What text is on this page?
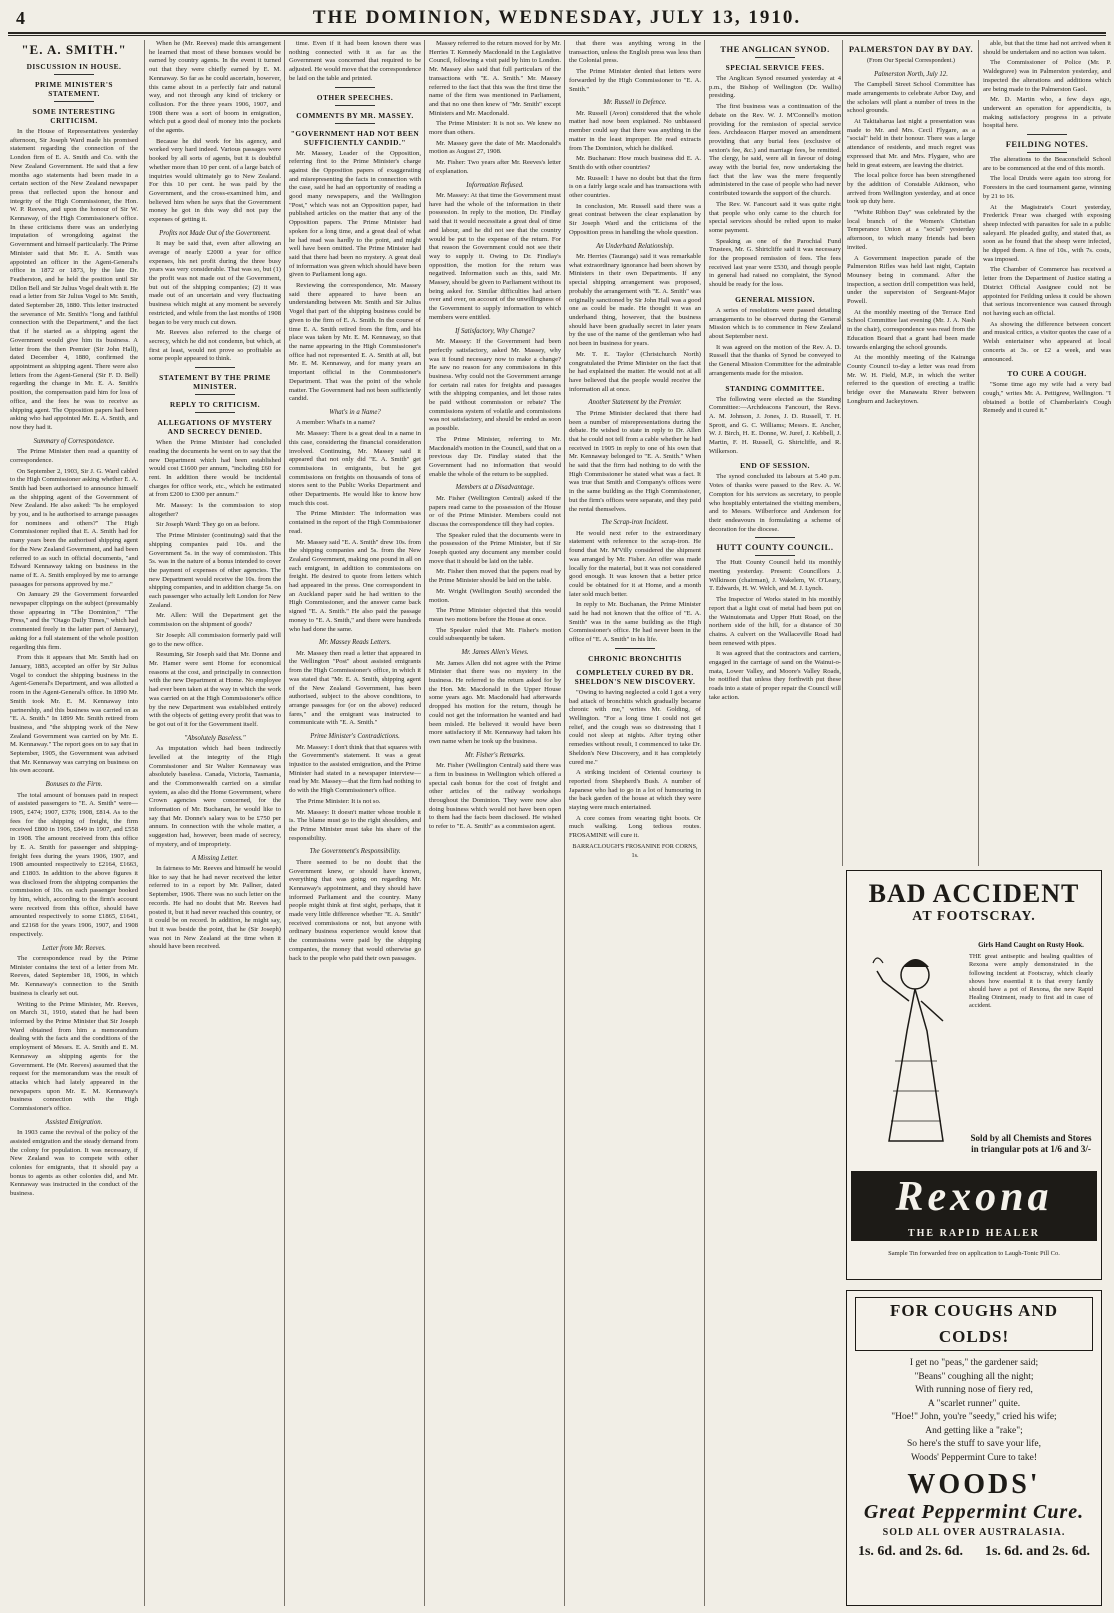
4	THE DOMINION, WEDNESDAY, JULY 13, 1910.
"E. A. SMITH."
DISCUSSION IN HOUSE.
PRIME MINISTER'S STATEMENT.
SOME INTERESTING CRITICISM.

In the House of Representatives yesterday afternoon, Sir Joseph Ward made his promised statement regarding the connection of the London firm of E. A. Smith and Co. with the New Zealand Government. He said that a few months ago statements had been made in a certain section of the New Zealand newspaper press that reflected upon the honour and integrity of the High Commissioner, the Hon. W. P. Reeves, and upon the honour of Sir W. Kennaway, of the High Commissioner's office. In these criticisms there was an underlying imputation of wrongdoing against the Government and himself particularly. The Prime Minister said that Mr. E. A. Smith was appointed an officer in the Agent-General's office in 1872 or 1873, by the late Dr. Featherston, and he held the position until Sir Dillon Bell and Sir Julius Vogel dealt with it. He read a letter from Sir Julius Vogel to Mr. Smith, dated September 28, 1880. This letter instructed the severance of Mr. Smith's "long and faithful connection with the Department," and the fact that if he started as a shipping agent the Government would give him its business. A letter from the then Premier (Sir John Hall), dated December 4, 1880, confirmed the appointment as shipping agent. There were also letters from the Agent-General (Sir F. D. Bell) regarding the change in Mr. E. A. Smith's position, the compensation paid him for loss of office, and the fees he was to receive as shipping agent. The Opposition papers had been asking who had appointed Mr. E. A. Smith, and now they had it.

Summary of Correspondence.

The Prime Minister then read a quantity of correspondence.

On September 2, 1903, Sir J. G. Ward cabled to the High Commissioner asking whether E. A. Smith had been authorised to announce himself as the shipping agent of the Government of New Zealand. He also asked: "Is he employed by you, and is he authorised to arrange passages for nominees and others?" The High Commissioner replied that E. A. Smith had for many years been the authorised shipping agent for the New Zealand Government, and had been referred to as such in official documents, "and Edward Kennaway taking on business in the name of E. A. Smith employed by me to arrange passages for persons approved by me."

On January 29 the Government forwarded newspaper clippings on the subject (presumably those appearing in "The Dominion," "The Press," and the "Otago Daily Times," which had commented freely in the latter part of January), asking for a full statement of the whole position regarding this firm.

From this it appears that Mr. Smith had on January, 1883, accepted an offer by Sir Julius Vogel to conduct the shipping business in the Agent-General's Department, and was allotted a room in the Agent-General's office. In 1890 Mr. Smith took Mr. E. M. Kennaway into partnership, and this business was carried on as "E. A. Smith." In 1899 Mr. Smith retired from business, and "the shipping work of the New Zealand Government was carried on by Mr. E. M. Kennaway." The report goes on to say that in September, 1905, the Government was advised that Mr. Kennaway was carrying on business on his own account.

Bonuses to the Firm.

The total amount of bonuses paid in respect of assisted passengers to "E. A. Smith" were—1905, £474; 1907, £376; 1908, £814. As to the fees for the shipping of freight, the firm received £800 in 1906, £849 in 1907, and £558 in 1908. The amount received from this office by E. A. Smith for passenger and shipping-freight fees during the years 1906, 1907, and 1908 amounted respectively to £2164, £1663, and £1803. In addition to the above figures it was disclosed from the shipping companies the commission of 10s. on each passenger booked by him, which, according to the firm's account were received from this office, should have amounted respectively to some £1865, £1641, and £2168 for the years 1906, 1907, and 1908 respectively.

Letter from Mr. Reeves.

The correspondence read by the Prime Minister contains the text of a letter from Mr. Reeves, dated September 18, 1906, in which Mr. Kennaway's connection to the Smith business is clearly set out.

Writing to the Prime Minister, Mr. Reeves, on March 31, 1910, stated that he had been informed by the Prime Minister that Sir Joseph Ward obtained from him a memorandum dealing with the facts and the conditions of the employment of Messrs. E. A. Smith and E. M. Kennaway as shipping agents for the Government. He (Mr. Reeves) assumed that the request for the memorandum was the result of attacks which had lately appeared in the newspapers upon Mr. E. M. Kennaway's business connection with the High Commissioner's office.

Assisted Emigration.

In 1903 came the revival of the policy of the assisted emigration and the steady demand from the colony for population. It was necessary, if New Zealand was to compete with other colonies for emigrants, that it should pay a bonus to agents as other colonies did, and Mr. Kennaway was instructed in the conduct of the business.

When he (Mr. Reeves) made this arrangement he learned that most of these bonuses would be earned by country agents. In the event it turned out that they were chiefly earned by E. M. Kennaway. So far as he could ascertain, however, this came about in a perfectly fair and natural way, and not through any kind of trickery or collusion. For the three years 1906, 1907, and 1908 there was a sort of boom in emigration, which put a good deal of money into the pockets of the agents.

Because he did work for his agency, and worked very hard indeed. Various passages were booked by all sorts of agents, but it is doubtful whether more than 10 per cent. of a large batch of inquiries would ultimately go to New Zealand. For this 10 per cent. he was paid by the Government, and the cross-examined him, and believed him when he says that the Government money he got in this way did not pay the expenses of getting it.

Profits not Made Out of the Government.

It may be said that, even after allowing an average of nearly £2000 a year for office expenses, his net profit during the three busy years was very considerable. That was so, but (1) the profit was not made out of the Government, but out of the shipping companies; (2) it was made out of an uncertain and very fluctuating business which might at any moment be severely restricted, and while from the last months of 1908 began to be very much cut down.

Mr. Reeves also referred to the charge of secrecy, which he did not condemn, but which, at first at least, would not prove so profitable as some people appeared to think.

STATEMENT BY THE PRIME MINISTER.
REPLY TO CRITICISM.
ALLEGATIONS OF MYSTERY AND SECRECY DENIED.

When the Prime Minister had concluded reading the documents he went on to say that the new Department which had been established would cost £1600 per annum, "including £60 for rent. In addition there would be incidental charges for office work, etc., which he estimated at from £200 to £300 per annum."

Mr. Massey: Is the commission to stop altogether?

Sir Joseph Ward: They go on as before.

The Prime Minister (continuing) said that the shipping companies paid 10s. and the Government 5s. in the way of commission. This 5s. was in the nature of a bonus intended to cover the payment of expenses of other agencies. The new Department would receive the 10s. from the shipping companies, and in addition charge 5s. on each passenger who actually left London for New Zealand.

Mr. Allen: Will the Department get the commission on the shipment of goods?

Sir Joseph: All commission formerly paid will go to the new office.

Resuming, Sir Joseph said that Mr. Donne and Mr. Hamer were sent Home for economical reasons at the cost, and principally in connection with the new Department at Home. No employee had ever been taken at the way in which the work was carried on at the High Commissioner's office by the new Department was established entirely with the objects of getting every profit that was to be got out of it for the Government itself.

"Absolutely Baseless."

As imputation which had been indirectly levelled at the integrity of the High Commissioner and Sir Walter Kennaway was absolutely baseless. Canada, Victoria, Tasmania, and the Commonwealth carried on a similar system, as also did the Home Government, where Crown agencies were concerned, for the information of Mr. Buchanan, he would like to say that Mr. Donne's salary was to be £750 per annum. In connection with the whole matter, a suggestion had, however, been made of secrecy, of mystery, and of impropriety.

A Missing Letter.

In fairness to Mr. Reeves and himself he would like to say that he had never received the letter referred to in a report by Mr. Pallner, dated September, 1906. There was no such letter on the records. He had no doubt that Mr. Reeves had posted it, but it had never reached this country, or it could be on record. In addition, he might say, but it was beside the point, that he (Sir Joseph) was not in New Zealand at the time when it should have been received.

time. Even if it had been known there was nothing connected with it as far as the Government was concerned that required to be adjusted. He would move that the correspondence be laid on the table and printed.

OTHER SPEECHES.
COMMENTS BY MR. MASSEY.
"GOVERNMENT HAD NOT BEEN SUFFICIENTLY CANDID."

Mr. Massey, Leader of the Opposition, referring first to the Prime Minister's charge against the Opposition papers of exaggerating and misrepresenting the facts in connection with the case, said he had an opportunity of reading a good many newspapers, and the Wellington "Post," which was not an Opposition paper, had published articles on the matter that any of the Opposition papers. The Prime Minister had spoken for a long time, and a great deal of what he had read was hardly to the point, and might well have been omitted. The Prime Minister had said that there had been no mystery. A great deal of information was given which should have been given to Parliament long ago.

Reviewing the correspondence, Mr. Massey said there appeared to have been an understanding between Mr. Smith and Sir Julius Vogel that part of the shipping business could be given to the firm of E. A. Smith. In the course of time E. A. Smith retired from the firm, and his place was taken by Mr. E. M. Kennaway, so that the name appearing in the High Commissioner's office had not represented E. A. Smith at all, but Mr. E. M. Kennaway, and for many years an important official in the Commissioner's Department. That was the point of the whole matter. The Government had not been sufficiently candid.

What's in a Name?

A member: What's in a name?

Mr. Massey: There is a great deal in a name in this case, considering the financial consideration involved. Continuing, Mr. Massey said it appeared that not only did "E. A. Smith" get commissions in emigrants, but he got commissions on freights on thousands of tons of stores sent to the Public Works Department and other Departments. He would like to know how much this cost.

The Prime Minister: The information was contained in the report of the High Commissioner read.

Mr. Massey said "E. A. Smith" drew 10s. from the shipping companies and 5s. from the New Zealand Government, making one pound in all on each emigrant, in addition to commissions on freight. He desired to quote from letters which had appeared in the press. One correspondent in an Auckland paper said he had written to the High Commissioner, and the answer came back signed "E. A. Smith." He also paid the passage money to "E. A. Smith," and there were hundreds who had done the same.

Mr. Massey Reads Letters.

Mr. Massey then read a letter that appeared in the Wellington "Post" about assisted emigrants from the High Commissioner's office, in which it was stated that "Mr. E. A. Smith, shipping agent of the New Zealand Government, has been authorised, subject to the above conditions, to arrange passages for (or on the above) reduced fares," and the emigrant was instructed to communicate with "E. A. Smith."

Prime Minister's Contradictions.

Mr. Massey: I don't think that that squares with the Government's statement. It was a great injustice to the assisted emigration, and the Prime Minister had stated in a newspaper interview—read by Mr. Massey—that the firm had nothing to do with the High Commissioner's office.

The Prime Minister: It is not so.

Mr. Massey: It doesn't matter whose trouble it is. The blame must go to the right shoulders, and the Prime Minister must take his share of the responsibility.

The Government's Responsibility.

There seemed to be no doubt that the Government knew, or should have known, everything that was going on regarding Mr. Kennaway's appointment, and they should have informed Parliament and the country. Many people might think at first sight, perhaps, that it made very little difference whether "E. A. Smith" received commissions or not, but anyone with ordinary business experience would know that the commissions were paid by the shipping companies, the money that would otherwise go back to the people who paid their own passages.

Massey referred to the return moved for by Mr. Herries T. Kennedy Macdonald in the Legislative Council, following a visit paid by him to London. Mr. Massey also said that full particulars of the transactions with "E. A. Smith." Mr. Massey referred to the fact that this was the first time the name of the firm was mentioned in Parliament, and that no one then knew of "Mr. Smith" except Ministers and Mr. Macdonald.

The Prime Minister: It is not so. We knew no more than others.

Mr. Massey gave the date of Mr. Macdonald's motion as August 27, 1908.

Mr. Fisher: Two years after Mr. Reeves's letter of explanation.

Information Refused.

Mr. Massey: At that time the Government must have had the whole of the information in their possession. In reply to the motion, Dr. Findlay said that it would necessitate a great deal of time and labour, and he did not see that the country would be put to the expense of the return. For that reason the Government could not see their way to supply it. Owing to Dr. Findlay's opposition, the motion for the return was negatived. Information such as this, said Mr. Massey, should be given to Parliament without its being asked for. Similar difficulties had arisen over and over, on account of the unwillingness of the Government to supply information to which members were entitled.

If Satisfactory, Why Change?

Mr. Massey: If the Government had been perfectly satisfactory, asked Mr. Massey, why was it found necessary now to make a change? He saw no reason for any commissions in this business. Why could not the Government arrange for certain rail rates for freights and passages with the shipping companies, and let those rates be paid without commission or rebate? The commissions system of volatile and commissions was not satisfactory, and should be ended as soon as possible.

The Prime Minister, referring to Mr. Macdonald's motion in the Council, said that on a previous day Dr. Findlay stated that the Government had no information that would enable the whole of the return to be supplied.

Members at a Disadvantage.

Mr. Fisher (Wellington Central) asked if the papers read came to the possession of the House or of the Prime Minister. Members could not discuss the correspondence till they had copies.

The Speaker ruled that the documents were in the possession of the Prime Minister, but if Sir Joseph quoted any document any member could move that it should be laid on the table.

Mr. Fisher then moved that the papers read by the Prime Minister should be laid on the table.

Mr. Wright (Wellington South) seconded the motion.

The Prime Minister objected that this would mean two motions before the House at once.

The Speaker ruled that Mr. Fisher's motion could subsequently be taken.

Mr. James Allen's Views.

Mr. James Allen did not agree with the Prime Minister that there was no mystery in the business. He referred to the return asked for by the Hon. Mr. Macdonald in the Upper House some years ago. Mr. Macdonald had afterwards dropped his motion for the return, though he could not get the information he wanted and had been misled. He believed it would have been more satisfactory if Mr. Kennaway had taken his own name when he took up the business.

Mr. Fisher's Remarks.

Mr. Fisher (Wellington Central) said there was a firm in business in Wellington which offered a special cash bonus for the cost of freight and other articles of the railway workshops throughout the Dominion. They were now also doing business which would not have been open to them had the facts been disclosed. He wished to refer to "E. A. Smith" as a commission agent.

that there was anything wrong in the transaction, unless the English press was less than the Colonial press.

The Prime Minister denied that letters were forwarded by the High Commissioner to "E. A. Smith."

Mr. Russell in Defence.

Mr. Russell (Avon) considered that the whole matter had now been explained. No unbiassed member could say that there was anything in the matter in the least improper. He read extracts from The Dominion, which he disliked.

Mr. Buchanan: How much business did E. A. Smith do with other countries?

Mr. Russell: I have no doubt but that the firm is on a fairly large scale and has transactions with other countries.

In conclusion, Mr. Russell said there was a great contrast between the clear explanation by Sir Joseph Ward and the criticisms of the Opposition press in handling the whole question.

An Underhand Relationship.

Mr. Herries (Tauranga) said it was remarkable what extraordinary ignorance had been shown by Ministers in their own Departments. If any special shipping arrangement was proposed, probably the arrangement with "E. A. Smith" was originally sanctioned by Sir John Hall was a good one as could be made. He thought it was an underhand thing, however, that the business should have been gradually secret in later years by the use of the name of the gentleman who had not been in business for years.

Mr. T. E. Taylor (Christchurch North) congratulated the Prime Minister on the fact that he had explained the matter. He would not at all have believed that the people would receive the information all at once.

Another Statement by the Premier.

The Prime Minister declared that there had been a number of misrepresentations during the debate. He wished to state in reply to Dr. Allen that he could not tell from a cable whether he had received in 1905 in reply to one of his own that Mr. Kennaway belonged to "E. A. Smith." When he said that the firm had nothing to do with the High Commissioner he stated what was a fact. It was true that Smith and Company's offices were in the same building as the High Commissioner, but the firm's offices were separate, and they paid the rental themselves.

The Scrap-iron Incident.

He would next refer to the extraordinary statement with reference to the scrap-iron. He found that Mr. M'Villy considered the shipment was arranged by Mr. Fisher. An offer was made locally for the material, but it was not considered good enough. It was known that a better price could be obtained for it at Home, and a month later sold much better.

In reply to Mr. Buchanan, the Prime Minister said he had not known that the office of "E. A. Smith" was in the same building as the High Commissioner's office. He had never been in the office of "E. A. Smith" in his life.

CHRONIC BRONCHITIS
COMPLETELY CURED BY DR. SHELDON'S NEW DISCOVERY.

"Owing to having neglected a cold I got a very bad attack of bronchitis which gradually became chronic with me," writes Mr. Golding, of Wellington. "For a long time I could not get relief, and the cough was so distressing that I could not sleep at nights. After trying other remedies without result, I commenced to take Dr. Sheldon's New Discovery, and it has completely cured me."

A striking incident of Oriental courtesy is reported from Shepherd's Bush. A number of Japanese who had to go in a lot of humouring in the back garden of the house at which they were staying were much entertained.

A core comes from wearing tight boots. Or much walking. Long tedious routes. FROSAMINE will cure it.

BARRACLOUGH'S FROSANINE FOR CORNS, 1s.
THE ANGLICAN SYNOD.
SPECIAL SERVICE FEES.

The Anglican Synod resumed yesterday at 4 p.m., the Bishop of Wellington (Dr. Wallis) presiding.

The first business was a continuation of the debate on the Rev. W. J. M'Connell's motion providing for the remission of special service fees. Archdeacon Harper moved an amendment providing that any burial fees (exclusive of sexton's fee, &c.) and marriage fees, be remitted. The clergy, he said, were all in favour of doing away with the burial fee, now undertaking the fact that the law was the mere frequently administered in the case of people who had never contributed towards the support of the church.

The Rev. W. Fancourt said it was quite right that people who only came to the church for special services should be relied upon to make some payment.

Speaking as one of the Parochial Fund Trustees, Mr. G. Shirtcliffe said it was necessary for the proposed remission of fees. The fees received last year were £530, and though people in general had raised no complaint, the Synod should be ready for the loss.

GENERAL MISSION.

A series of resolutions were passed detailing arrangements to be observed during the General Mission which is to commence in New Zealand about September next.

It was agreed on the motion of the Rev. A. D. Russell that the thanks of Synod be conveyed to the General Mission Committee for the admirable arrangements made for the mission.

STANDING COMMITTEE.

The following were elected as the Standing Committee:—Archdeacons Fancourt, the Revs. A. M. Johnson, J. Jones, J. D. Russell, T. H. Sprott, and G. C. Williams; Messrs. E. Ancher, W. J. Birch, H. E. Donne, W. Juref, J. Kebbell, J. Martin, F. H. Russell, G. Shirtcliffe, and R. Wilkerson.

END OF SESSION.

The synod concluded its labours at 5.40 p.m. Votes of thanks were passed to the Rev. A. W. Compton for his services as secretary, to people who hospitably entertained the visiting members, and to Messrs. Wilberforce and Anderson for their endeavours in formulating a scheme of decoration for the diocese.

HUTT COUNTY COUNCIL.

The Hutt County Council held its monthly meeting yesterday. Present: Councillors J. Wilkinson (chairman), J. Wakelem, W. O'Leary, T. Edwards, H. W. Welch, and M. J. Lynch.

The Inspector of Works stated in his monthly report that a light coat of metal had been put on the Wainuiomata and Upper Hutt Road, on the northern side of the hill, for a distance of 30 chains. A culvert on the Wallaceville Road had been renewed with pipes.

It was agreed that the contractors and carriers, engaged in the carriage of sand on the Wainui-o-mata, Lower Valley, and Moore's Valley Roads, be notified that unless they forthwith put these roads into a state of proper repair the Council will take action.

PALMERSTON DAY BY DAY.
(From Our Special Correspondent.)
Palmerston North, July 12.

The Campbell Street School Committee has made arrangements to celebrate Arbor Day, and the scholars will plant a number of trees in the school grounds.

At Takitaharua last night a presentation was made to Mr. and Mrs. Cecil Flygare, as a "social" held in their honour. There was a large attendance of residents, and much regret was expressed that Mr. and Mrs. Flygare, who are held in great esteem, are leaving the district.

The local police force has been strengthened by the addition of Constable Atkinson, who arrived from Wellington yesterday, and at once took up duty here.

"White Ribbon Day" was celebrated by the local branch of the Women's Christian Temperance Union at a "social" yesterday afternoon, to which many friends had been invited.

A Government inspection parade of the Palmerston Rifles was held last night, Captain Mounsey being in command. After the inspection, a section drill competition was held, under the supervision of Sergeant-Major Powell.

At the monthly meeting of the Terrace End School Committee last evening (Mr. J. A. Nash in the chair), correspondence was read from the Education Board that a grant had been made towards enlarging the school grounds.

At the monthly meeting of the Kairanga County Council to-day a letter was read from Mr. W. H. Field, M.P., in which the writer referred to the question of erecting a traffic bridge over the Manawatu River between Longburn and Jackeytown.

able, but that the time had not arrived when it should be undertaken and no action was taken.

The Commissioner of Police (Mr. P. Waldegrave) was in Palmerston yesterday, and inspected the alterations and additions which are being made to the Palmerston Gaol.

Mr. D. Martin who, a few days ago, underwent an operation for appendicitis, is making satisfactory progress in a private hospital here.

FEILDING NOTES.

The alterations to the Beaconsfield School are to be commenced at the end of this month.

The local Druids were again too strong for Foresters in the card tournament game, winning by 21 to 16.

At the Magistrate's Court yesterday, Frederick Frear was charged with exposing sheep infected with parasites for sale in a public saleyard. He pleaded guilty, and stated that, as soon as he found that the sheep were infected, he dipped them. A fine of 10s., with 7s. costs, was imposed.

The Chamber of Commerce has received a letter from the Department of Justice stating a District Official Assignee could not be appointed for Feilding unless it could be shown that serious inconvenience was caused through not having such an official.

As showing the difference between concert and musical critics, a visitor quotes the case of a Welsh entertainer who appeared at local concerts at 3s. or £2 a week, and was announced.

TO CURE A COUGH.

"Some time ago my wife had a very bad cough," writes Mr. A. Pettigrew, Wellington. "I obtained a bottle of Chamberlain's Cough Remedy and it cured it."

BAD ACCIDENT
AT FOOTSCRAY.
Girls Hand Caught on Rusty Hook.
THE great antiseptic and healing qualities of Rexona were amply demonstrated in the following incident at Footscray, which clearly shows how essential it is that every family should have a pot of Rexona, the new Rapid Healing Ointment, ready to first aid in case of accident.
Sold by all Chemists and Stores in triangular pots at 1/6 and 3/-
Rexona
THE RAPID HEALER
Sample Tin forwarded free on application to Laugh-Tonic Pill Co.
FOR COUGHS AND COLDS!
I get no "peas," the gardener said;
"Beans" coughing all the night;
With running nose of fiery red,
A "scarlet runner" quite.
"Hoe!" John, you're "seedy," cried his wife;
And getting like a "rake";
So here's the stuff to save your life,
Woods' Peppermint Cure to take!
WOODS'
Great Peppermint Cure.
SOLD ALL OVER AUSTRALASIA.
1s. 6d. and 2s. 6d. 1s. 6d. and 2s. 6d.
